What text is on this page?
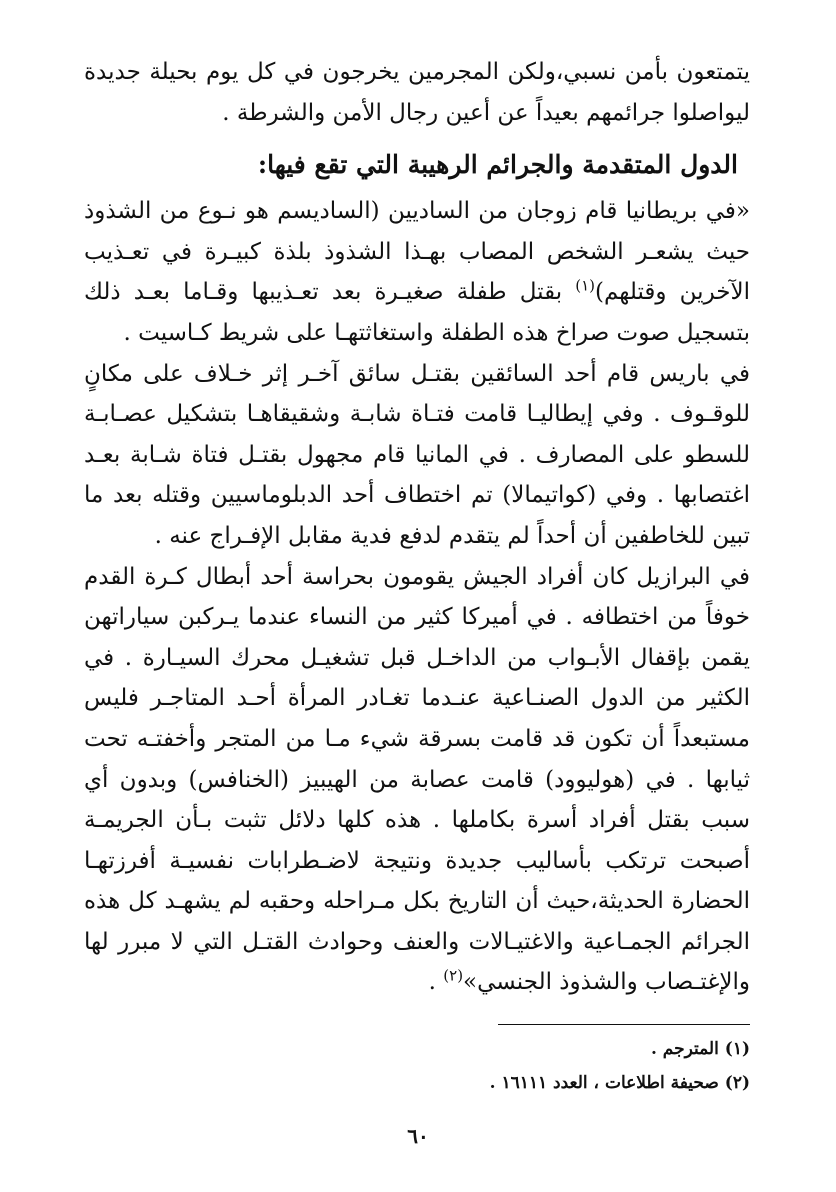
يتمتعون بأمن نسبي،ولكن المجرمين يخرجون في كل يوم بحيلة جديدة ليواصلوا جرائمهم بعيداً عن أعين رجال الأمن والشرطة .

الدول المتقدمة والجرائم الرهيبة التي تقع فيها:

«في بريطانيا قام زوجان من الساديين (السادیسم هو نـوع من الشذوذ حيث يشعـر الشخص المصاب بهـذا الشذوذ بلذة كبيـرة في تعـذيب الآخرين وقتلهم)$^{(١)}$ بقتل طفلة صغيـرة بعد تعـذيبها وقـاما بعـد ذلك بتسجيل صوت صراخ هذه الطفلة واستغاثتهـا على شريط كـاسيت .

في باريس قام أحد السائقين بقتـل سائق آخـر إثر خـلاف على مكانٍ للوقـوف . وفي إيطاليـا قامت فتـاة شابـة وشقيقاهـا بتشكيل عصـابـة للسطو على المصارف . في المانيا قام مجهول بقتـل فتاة شـابة بعـد اغتصابها . وفي (كواتيمالا) تم اختطاف أحد الدبلوماسيين وقتله بعد ما تبين للخاطفين أن أحداً لم يتقدم لدفع فدية مقابل الإفـراج عنه .

في البرازيل كان أفراد الجيش يقومون بحراسة أحد أبطال كـرة القدم خوفاً من اختطافه . في أميركا كثير من النساء عندما يـركبن سياراتهن يقمن بإقفال الأبـواب من الداخـل قبل تشغيـل محرك السيـارة . في الكثير من الدول الصنـاعية عنـدما تغـادر المرأة أحـد المتاجـر فليس مستبعداً أن تكون قد قامت بسرقة شيء مـا من المتجر وأخفتـه تحت ثيابها . في (هوليوود) قامت عصابة من الهيبيز (الخنافس) وبدون أي سبب بقتل أفراد أسرة بكاملها . هذه كلها دلائل تثبت بـأن الجريمـة أصبحت ترتكب بأساليب جديدة ونتيجة لاضـطرابات نفسيـة أفرزتهـا الحضارة الحديثة،حيث أن التاريخ بكل مـراحله وحقبه لم يشهـد كل هذه الجرائم الجمـاعية والاغتيـالات والعنف وحوادث القتـل التي لا مبرر لها والإغتـصاب والشذوذ الجنسي»$^{(٢)}$ .

(١) المترجم .

(٢) صحيفة اطلاعات ، العدد ١٦١١١ .

٦٠
